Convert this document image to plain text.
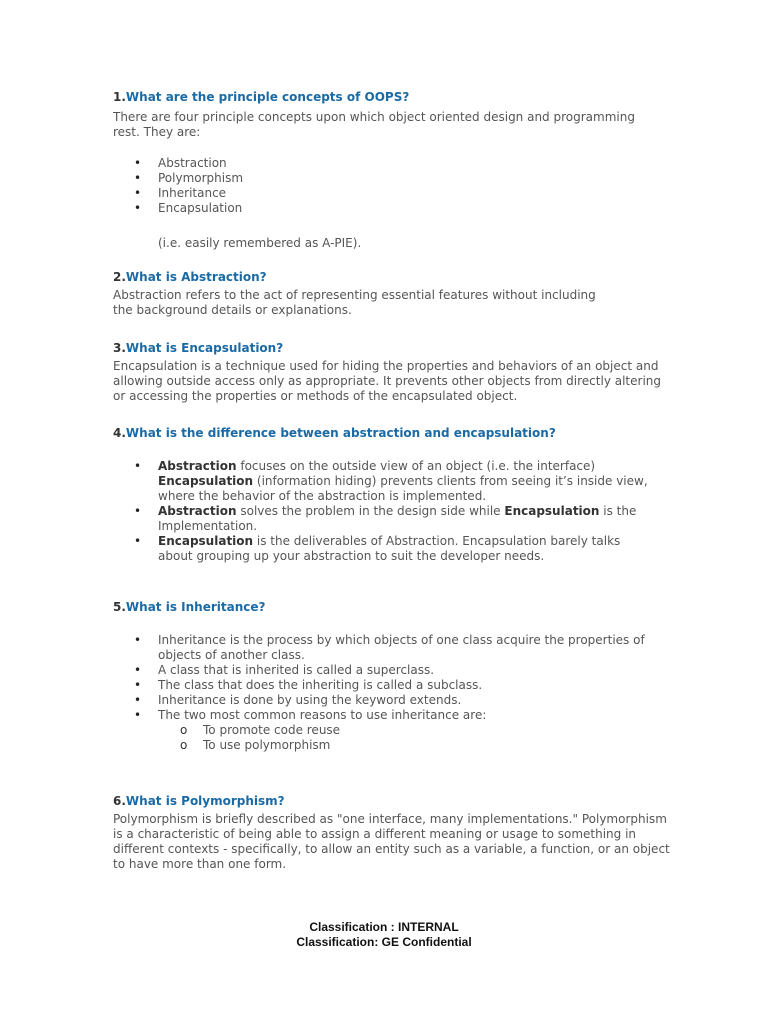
1.What are the principle concepts of OOPS?

There are four principle concepts upon which object oriented design and programming rest. They are:

• Abstraction
• Polymorphism
• Inheritance
• Encapsulation

(i.e. easily remembered as A-PIE).

2.What is Abstraction?

Abstraction refers to the act of representing essential features without including the background details or explanations.

3.What is Encapsulation?

Encapsulation is a technique used for hiding the properties and behaviors of an object and allowing outside access only as appropriate. It prevents other objects from directly altering or accessing the properties or methods of the encapsulated object.

4.What is the difference between abstraction and encapsulation?
• Abstraction focuses on the outside view of an object (i.e. the interface) Encapsulation (information hiding) prevents clients from seeing it’s inside view, where the behavior of the abstraction is implemented.
• Abstraction solves the problem in the design side while Encapsulation is the Implementation.
• Encapsulation is the deliverables of Abstraction. Encapsulation barely talks about grouping up your abstraction to suit the developer needs.
5.What is Inheritance?
• Inheritance is the process by which objects of one class acquire the properties of objects of another class.
• A class that is inherited is called a superclass.
• The class that does the inheriting is called a subclass.
• Inheritance is done by using the keyword extends.
• The two most common reasons to use inheritance are:
o To promote code reuse
o To use polymorphism
6.What is Polymorphism?

Polymorphism is briefly described as "one interface, many implementations." Polymorphism is a characteristic of being able to assign a different meaning or usage to something in different contexts - specifically, to allow an entity such as a variable, a function, or an object to have more than one form.

Classification : INTERNAL

Classification: GE Confidential
